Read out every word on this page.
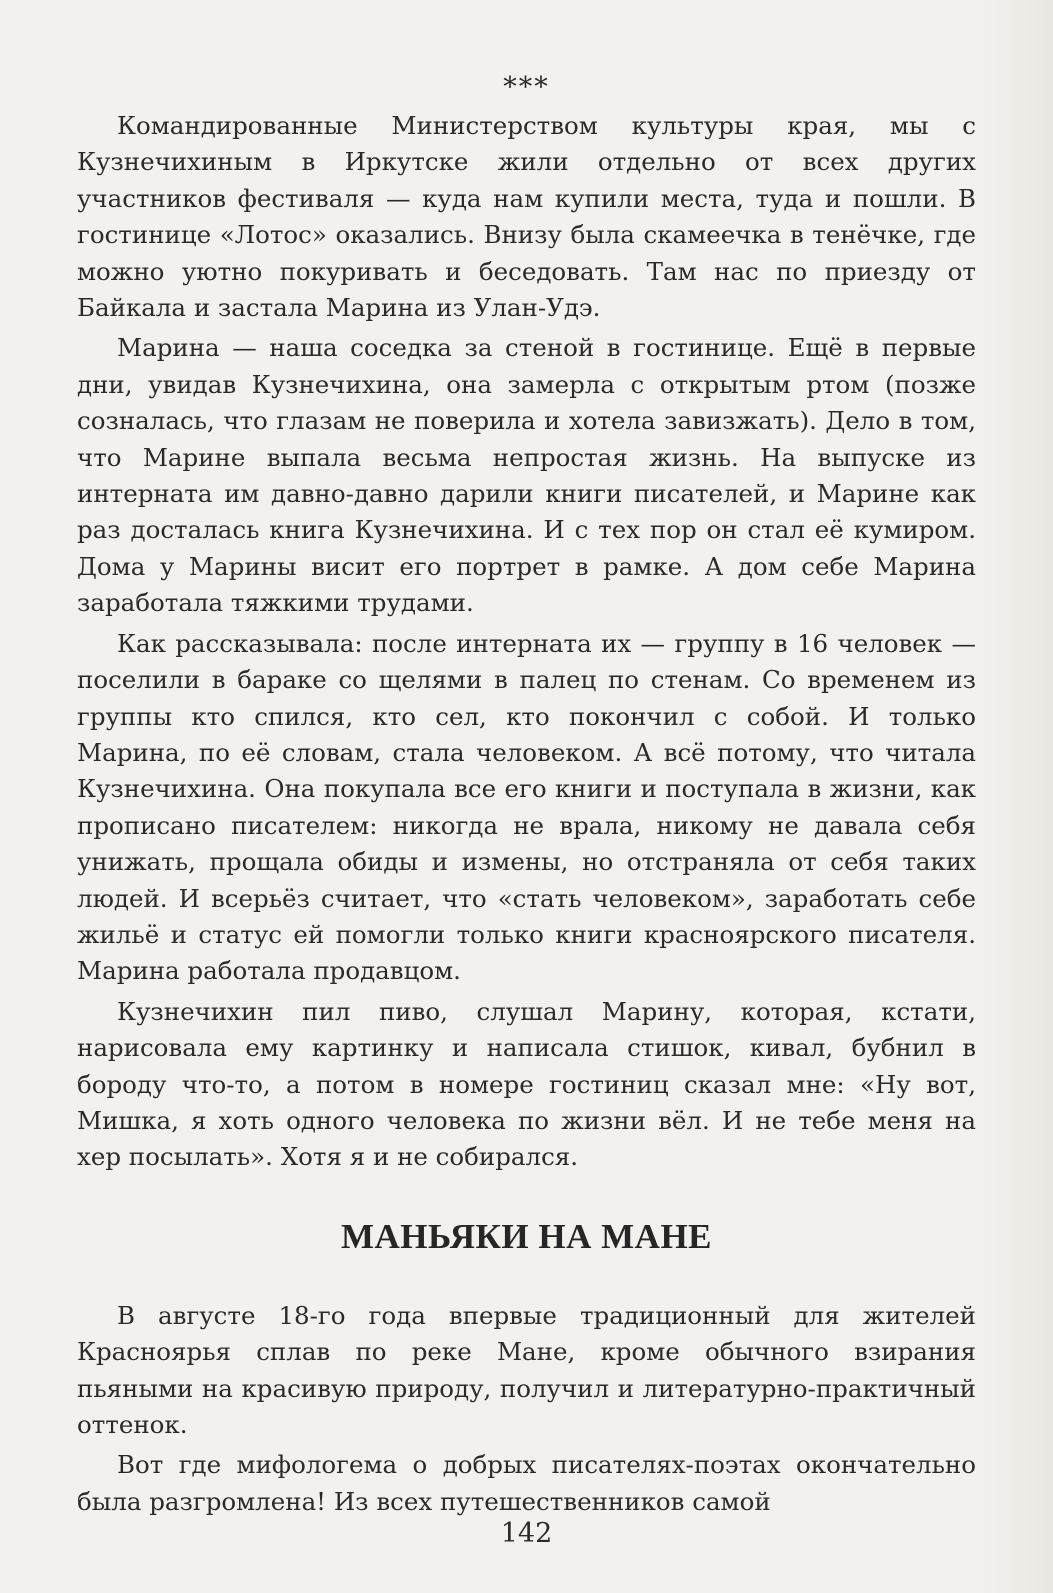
***

Командированные Министерством культуры края, мы с Кузнечихиным в Иркутске жили отдельно от всех других участников фестиваля — куда нам купили места, туда и пошли. В гостинице «Лотос» оказались. Внизу была скамеечка в тенёчке, где можно уютно покуривать и беседовать. Там нас по приезду от Байкала и застала Марина из Улан-Удэ.

Марина — наша соседка за стеной в гостинице. Ещё в первые дни, увидав Кузнечихина, она замерла с открытым ртом (позже созналась, что глазам не поверила и хотела завизжать). Дело в том, что Марине выпала весьма непростая жизнь. На выпуске из интерната им давно-давно дарили книги писателей, и Марине как раз досталась книга Кузнечихина. И с тех пор он стал её кумиром. Дома у Марины висит его портрет в рамке. А дом себе Марина заработала тяжкими трудами.

Как рассказывала: после интерната их — группу в 16 человек — поселили в бараке со щелями в палец по стенам. Со временем из группы кто спился, кто сел, кто покончил с собой. И только Марина, по её словам, стала человеком. А всё потому, что читала Кузнечихина. Она покупала все его книги и поступала в жизни, как прописано писателем: никогда не врала, никому не давала себя унижать, прощала обиды и измены, но отстраняла от себя таких людей. И всерьёз считает, что «стать человеком», заработать себе жильё и статус ей помогли только книги красноярского писателя. Марина работала продавцом.

Кузнечихин пил пиво, слушал Марину, которая, кстати, нарисовала ему картинку и написала стишок, кивал, бубнил в бороду что-то, а потом в номере гостиниц сказал мне: «Ну вот, Мишка, я хоть одного человека по жизни вёл. И не тебе меня на хер посылать». Хотя я и не собирался.

МАНЬЯКИ НА МАНЕ

В августе 18-го года впервые традиционный для жителей Красноярья сплав по реке Мане, кроме обычного взирания пьяными на красивую природу, получил и литературно-практичный оттенок.

Вот где мифологема о добрых писателях-поэтах окончательно была разгромлена! Из всех путешественников самой

142
